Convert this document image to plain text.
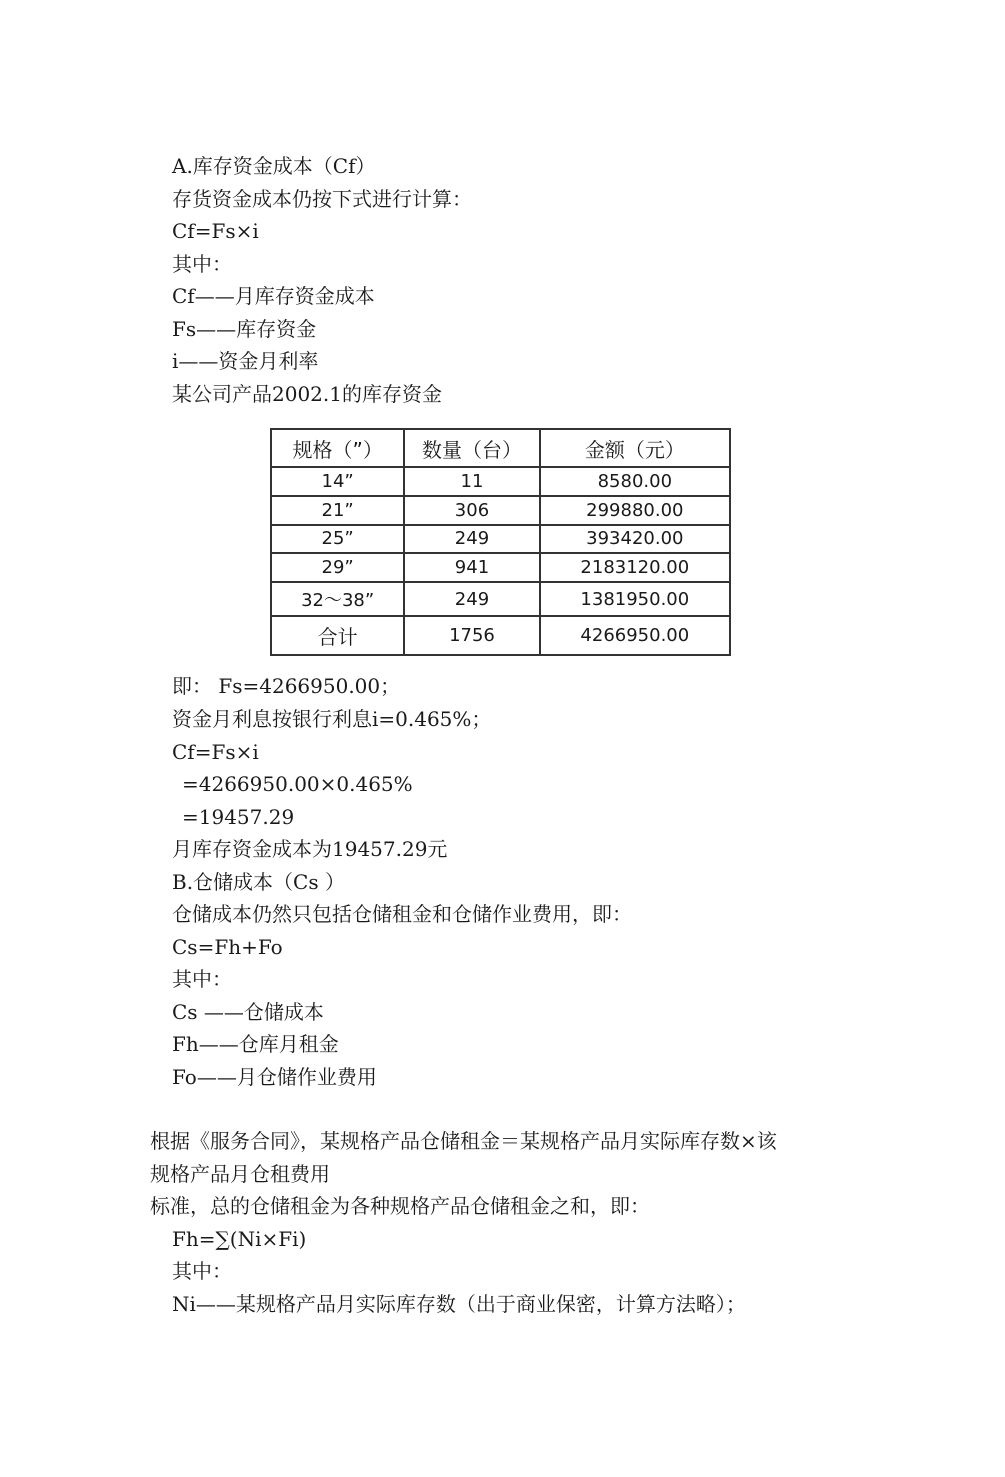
A.库存资金成本（Cf）
存货资金成本仍按下式进行计算：
Cf=Fs×i
其中：
Cf——月库存资金成本
Fs——库存资金
i——资金月利率
某公司产品2002.1的库存资金
规格（”）	数量（台）	金额（元）
14”	11	8580.00
21”	306	299880.00
25”	249	393420.00
29”	941	2183120.00
32～38”	249	1381950.00
合计	1756	4266950.00
即： Fs=4266950.00；
资金月利息按银行利息i=0.465%；
Cf=Fs×i
=4266950.00×0.465%
=19457.29
月库存资金成本为19457.29元
B.仓储成本（Cs ）
仓储成本仍然只包括仓储租金和仓储作业费用，即：
Cs=Fh+Fo
其中：
Cs ——仓储成本
Fh——仓库月租金
Fo——月仓储作业费用
根据《服务合同》，某规格产品仓储租金＝某规格产品月实际库存数×该
规格产品月仓租费用
标准，总的仓储租金为各种规格产品仓储租金之和，即：
Fh=∑(Ni×Fi)
其中：
Ni——某规格产品月实际库存数（出于商业保密，计算方法略）；
